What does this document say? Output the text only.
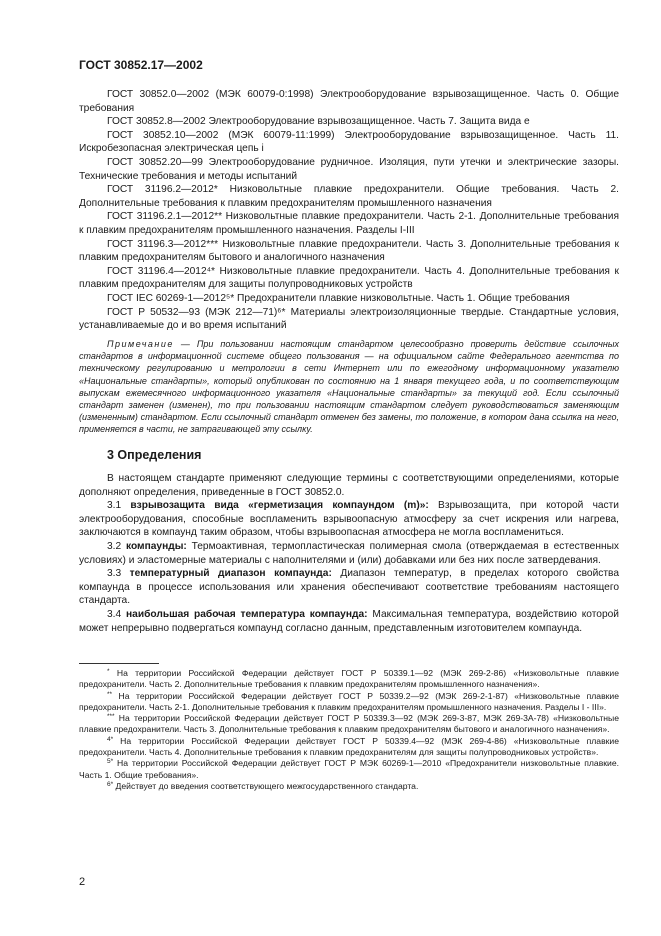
ГОСТ 30852.17—2002

ГОСТ 30852.0—2002 (МЭК 60079-0:1998) Электрооборудование взрывозащищенное. Часть 0. Общие требования

ГОСТ 30852.8—2002 Электрооборудование взрывозащищенное. Часть 7. Защита вида е

ГОСТ 30852.10—2002 (МЭК 60079-11:1999) Электрооборудование взрывозащищенное. Часть 11. Искробезопасная электрическая цепь i

ГОСТ 30852.20—99 Электрооборудование рудничное. Изоляция, пути утечки и электрические зазоры. Технические требования и методы испытаний

ГОСТ 31196.2—2012* Низковольтные плавкие предохранители. Общие требования. Часть 2. Дополнительные требования к плавким предохранителям промышленного назначения

ГОСТ 31196.2.1—2012** Низковольтные плавкие предохранители. Часть 2-1. Дополнительные требования к плавким предохранителям промышленного назначения. Разделы I-III

ГОСТ 31196.3—2012*** Низковольтные плавкие предохранители. Часть 3. Дополнительные требования к плавким предохранителям бытового и аналогичного назначения

ГОСТ 31196.4—2012⁴* Низковольтные плавкие предохранители. Часть 4. Дополнительные требования к плавким предохранителям для защиты полупроводниковых устройств

ГОСТ IEC 60269-1—2012⁵* Предохранители плавкие низковольтные. Часть 1. Общие требования

ГОСТ Р 50532—93 (МЭК 212—71)⁶* Материалы электроизоляционные твердые. Стандартные условия, устанавливаемые до и во время испытаний

Примечание — При пользовании настоящим стандартом целесообразно проверить действие ссылочных стандартов в информационной системе общего пользования — на официальном сайте Федерального агентства по техническому регулированию и метрологии в сети Интернет или по ежегодному информационному указателю «Национальные стандарты», который опубликован по состоянию на 1 января текущего года, и по соответствующим выпускам ежемесячного информационного указателя «Национальные стандарты» за текущий год. Если ссылочный стандарт заменен (изменен), то при пользовании настоящим стандартом следует руководствоваться заменяющим (измененным) стандартом. Если ссылочный стандарт отменен без замены, то положение, в котором дана ссылка на него, применяется в части, не затрагивающей эту ссылку.

3 Определения

В настоящем стандарте применяют следующие термины с соответствующими определениями, которые дополняют определения, приведенные в ГОСТ 30852.0.

3.1 взрывозащита вида «герметизация компаундом (m)»: Взрывозащита, при которой части электрооборудования, способные воспламенить взрывоопасную атмосферу за счет искрения или нагрева, заключаются в компаунд таким образом, чтобы взрывоопасная атмосфера не могла воспламениться.

3.2 компаунды: Термоактивная, термопластическая полимерная смола (отверждаемая в естественных условиях) и эластомерные материалы с наполнителями и (или) добавками или без них после затвердевания.

3.3 температурный диапазон компаунда: Диапазон температур, в пределах которого свойства компаунда в процессе использования или хранения обеспечивают соответствие требованиям настоящего стандарта.

3.4 наибольшая рабочая температура компаунда: Максимальная температура, воздействию которой может непрерывно подвергаться компаунд согласно данным, представленным изготовителем компаунда.

* На территории Российской Федерации действует ГОСТ Р 50339.1—92 (МЭК 269-2-86) «Низковольтные плавкие предохранители. Часть 2. Дополнительные требования к плавким предохранителям промышленного назначения».

** На территории Российской Федерации действует ГОСТ Р 50339.2—92 (МЭК 269-2-1-87) «Низковольтные плавкие предохранители. Часть 2-1. Дополнительные требования к плавким предохранителям промышленного назначения. Разделы I - III».

*** На территории Российской Федерации действует ГОСТ Р 50339.3—92 (МЭК 269-3-87, МЭК 269-3А-78) «Низковольтные плавкие предохранители. Часть 3. Дополнительные требования к плавким предохранителям бытового и аналогичного назначения».

$^{4*}$ На территории Российской Федерации действует ГОСТ Р 50339.4—92 (МЭК 269-4-86) «Низковольтные плавкие предохранители. Часть 4. Дополнительные требования к плавким предохранителям для защиты полупроводниковых устройств».

$^{5*}$ На территории Российской Федерации действует ГОСТ Р МЭК 60269-1—2010 «Предохранители низковольтные плавкие. Часть 1. Общие требования».

$^{6*}$ Действует до введения соответствующего межгосударственного стандарта.

2
